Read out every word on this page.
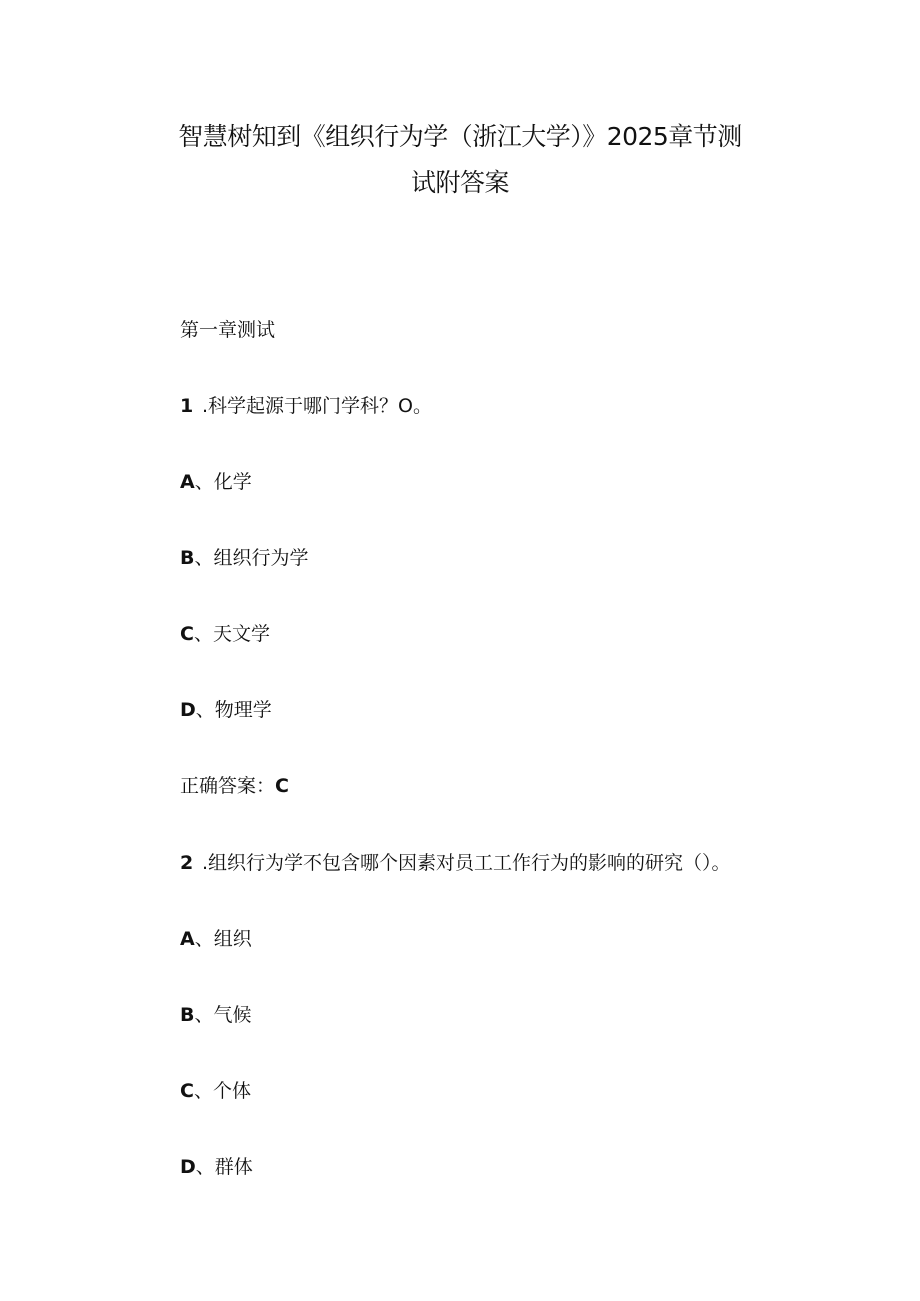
智慧树知到《组织行为学（浙江大学）》2025章节测
试附答案

第一章测试

1 .科学起源于哪门学科？O。

A、化学

B、组织行为学

C、天文学

D、物理学

正确答案：C

2 .组织行为学不包含哪个因素对员工工作行为的影响的研究（）。

A、组织

B、气候

C、个体

D、群体
